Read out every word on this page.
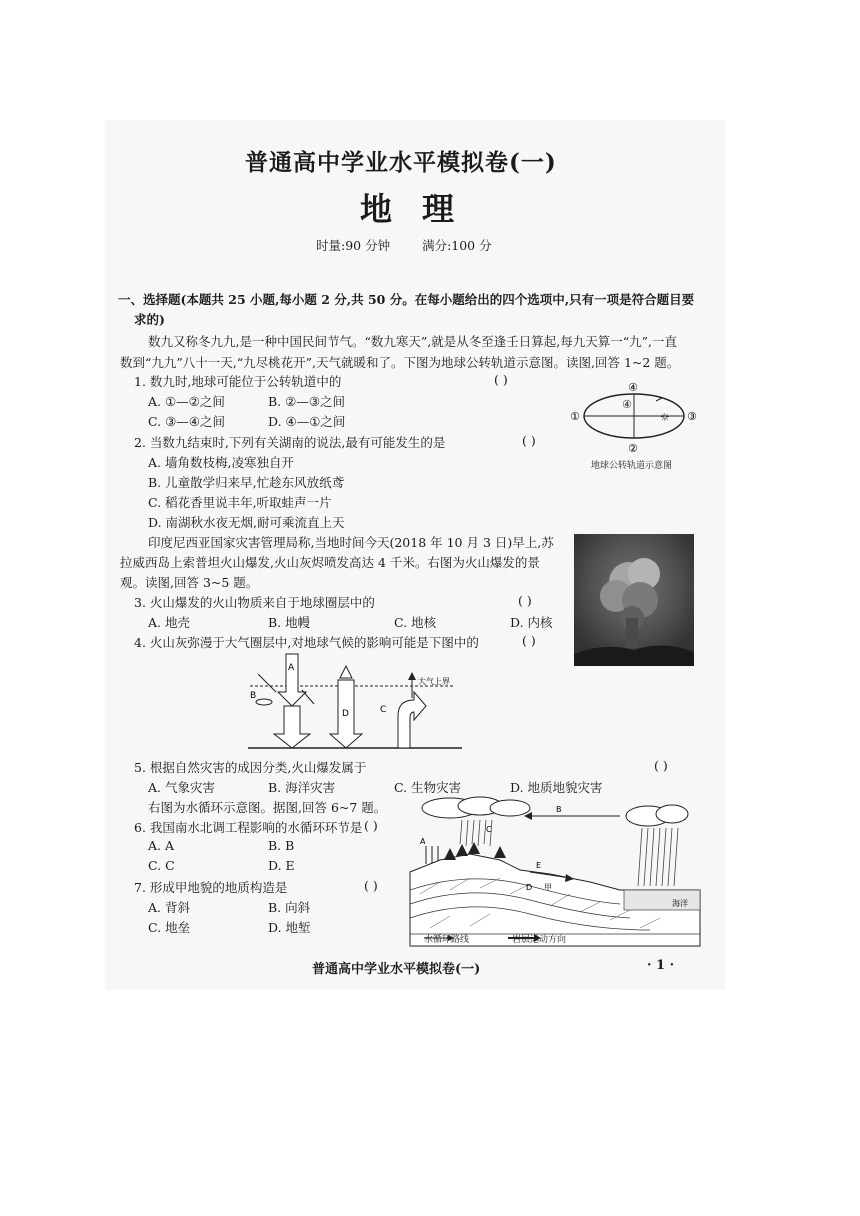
普通高中学业水平模拟卷(一)
地理
时量:90 分钟	满分:100 分
一、选择题(本题共 25 小题,每小题 2 分,共 50 分。在每小题给出的四个选项中,只有一项是符合题目要
求的)
数九又称冬九九,是一种中国民间节气。“数九寒天”,就是从冬至逢壬日算起,每九天算一“九”,一直
数到“九九”八十一天,“九尽桃花开”,天气就暖和了。下图为地球公转轨道示意图。读图,回答 1~2 题。
1. 数九时,地球可能位于公转轨道中的	( )
A. ①—②之间	B. ②—③之间
C. ③—④之间	D. ④—①之间	☼
①
②
③
④
④
地球公转轨道示意图
2. 当数九结束时,下列有关湖南的说法,最有可能发生的是	( )
A. 墙角数枝梅,凌寒独自开
B. 儿童散学归来早,忙趁东风放纸鸢
C. 稻花香里说丰年,听取蛙声一片
D. 南湖秋水夜无烟,耐可乘流直上天
印度尼西亚国家灾害管理局称,当地时间今天(2018 年 10 月 3 日)早上,苏
拉威西岛上索普坦火山爆发,火山灰烬喷发高达 4 千米。右图为火山爆发的景
观。读图,回答 3~5 题。
3. 火山爆发的火山物质来自于地球圈层中的	( )
A. 地壳	B. 地幔	C. 地核	D. 内核
4. 火山灰弥漫于大气圈层中,对地球气候的影响可能是下图中的	( )
A
B
D	C
大气上界
5. 根据自然灾害的成因分类,火山爆发属于	( )
A. 气象灾害	B. 海洋灾害	C. 生物灾害	D. 地质地貌灾害
右图为水循环示意图。据图,回答 6~7 题。
6. 我国南水北调工程影响的水循环环节是 ( )
A. A	B. B
C. C	D. E
7. 形成甲地貌的地质构造是	( )
A. 背斜	B. 向斜
C. 地垒	D. 地堑
B
C
A
E
D 甲
海洋
水循环路线	岩层运动方向
普通高中学业水平模拟卷(一)	· 1 ·
